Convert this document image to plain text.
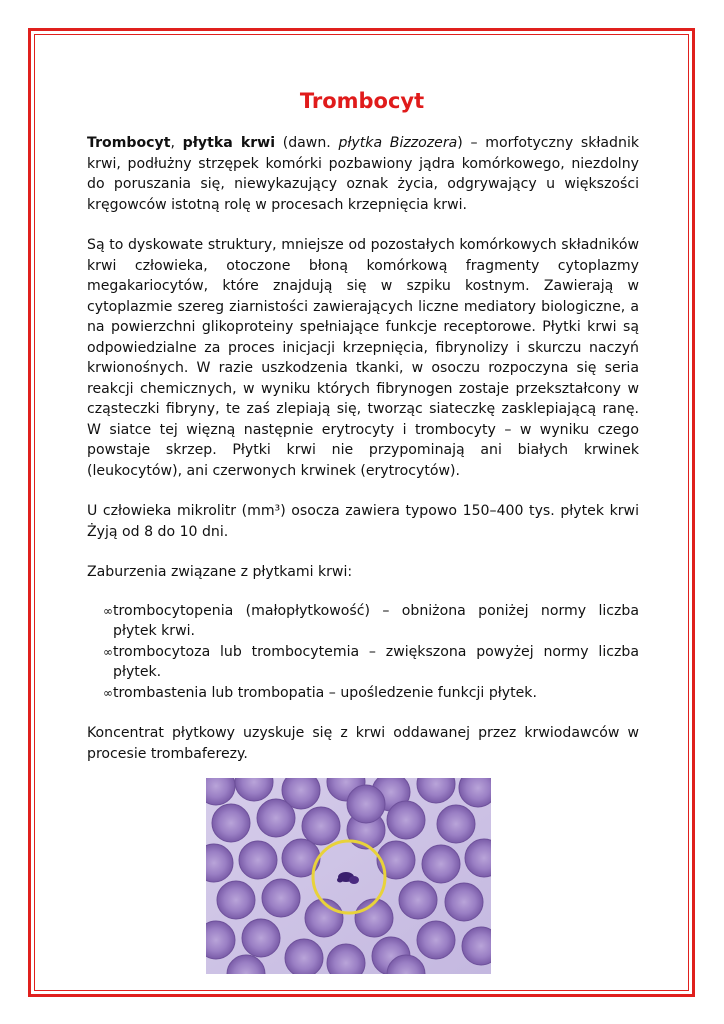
Trombocyt

Trombocyt, płytka krwi (dawn. płytka Bizzozera) – morfotyczny składnik krwi, podłużny strzępek komórki pozbawiony jądra komórkowego, niezdolny do poruszania się, niewykazujący oznak życia, odgrywający u większości kręgowców istotną rolę w procesach krzepnięcia krwi.

Są to dyskowate struktury, mniejsze od pozostałych komórkowych składników krwi człowieka, otoczone błoną komórkową fragmenty cytoplazmy megakariocytów, które znajdują się w szpiku kostnym. Zawierają w cytoplazmie szereg ziarnistości zawierających liczne mediatory biologiczne, a na powierzchni glikoproteiny spełniające funkcje receptorowe. Płytki krwi są odpowiedzialne za proces inicjacji krzepnięcia, fibrynolizy i skurczu naczyń krwionośnych. W razie uszkodzenia tkanki, w osoczu rozpoczyna się seria reakcji chemicznych, w wyniku których fibrynogen zostaje przekształcony w cząsteczki fibryny, te zaś zlepiają się, tworząc siateczkę zasklepiającą ranę. W siatce tej więzną następnie erytrocyty i trombocyty – w wyniku czego powstaje skrzep. Płytki krwi nie przypominają ani białych krwinek (leukocytów), ani czerwonych krwinek (erytrocytów).

U człowieka mikrolitr (mm³) osocza zawiera typowo 150–400 tys. płytek krwi Żyją od 8 do 10 dni.

Zaburzenia związane z płytkami krwi:

∞ trombocytopenia (małopłytkowość) – obniżona poniżej normy liczba płytek krwi.
∞ trombocytoza lub trombocytemia – zwiększona powyżej normy liczba płytek.
∞ trombastenia lub trombopatia – upośledzenie funkcji płytek.

Koncentrat płytkowy uzyskuje się z krwi oddawanej przez krwiodawców w procesie trombaferezy.
